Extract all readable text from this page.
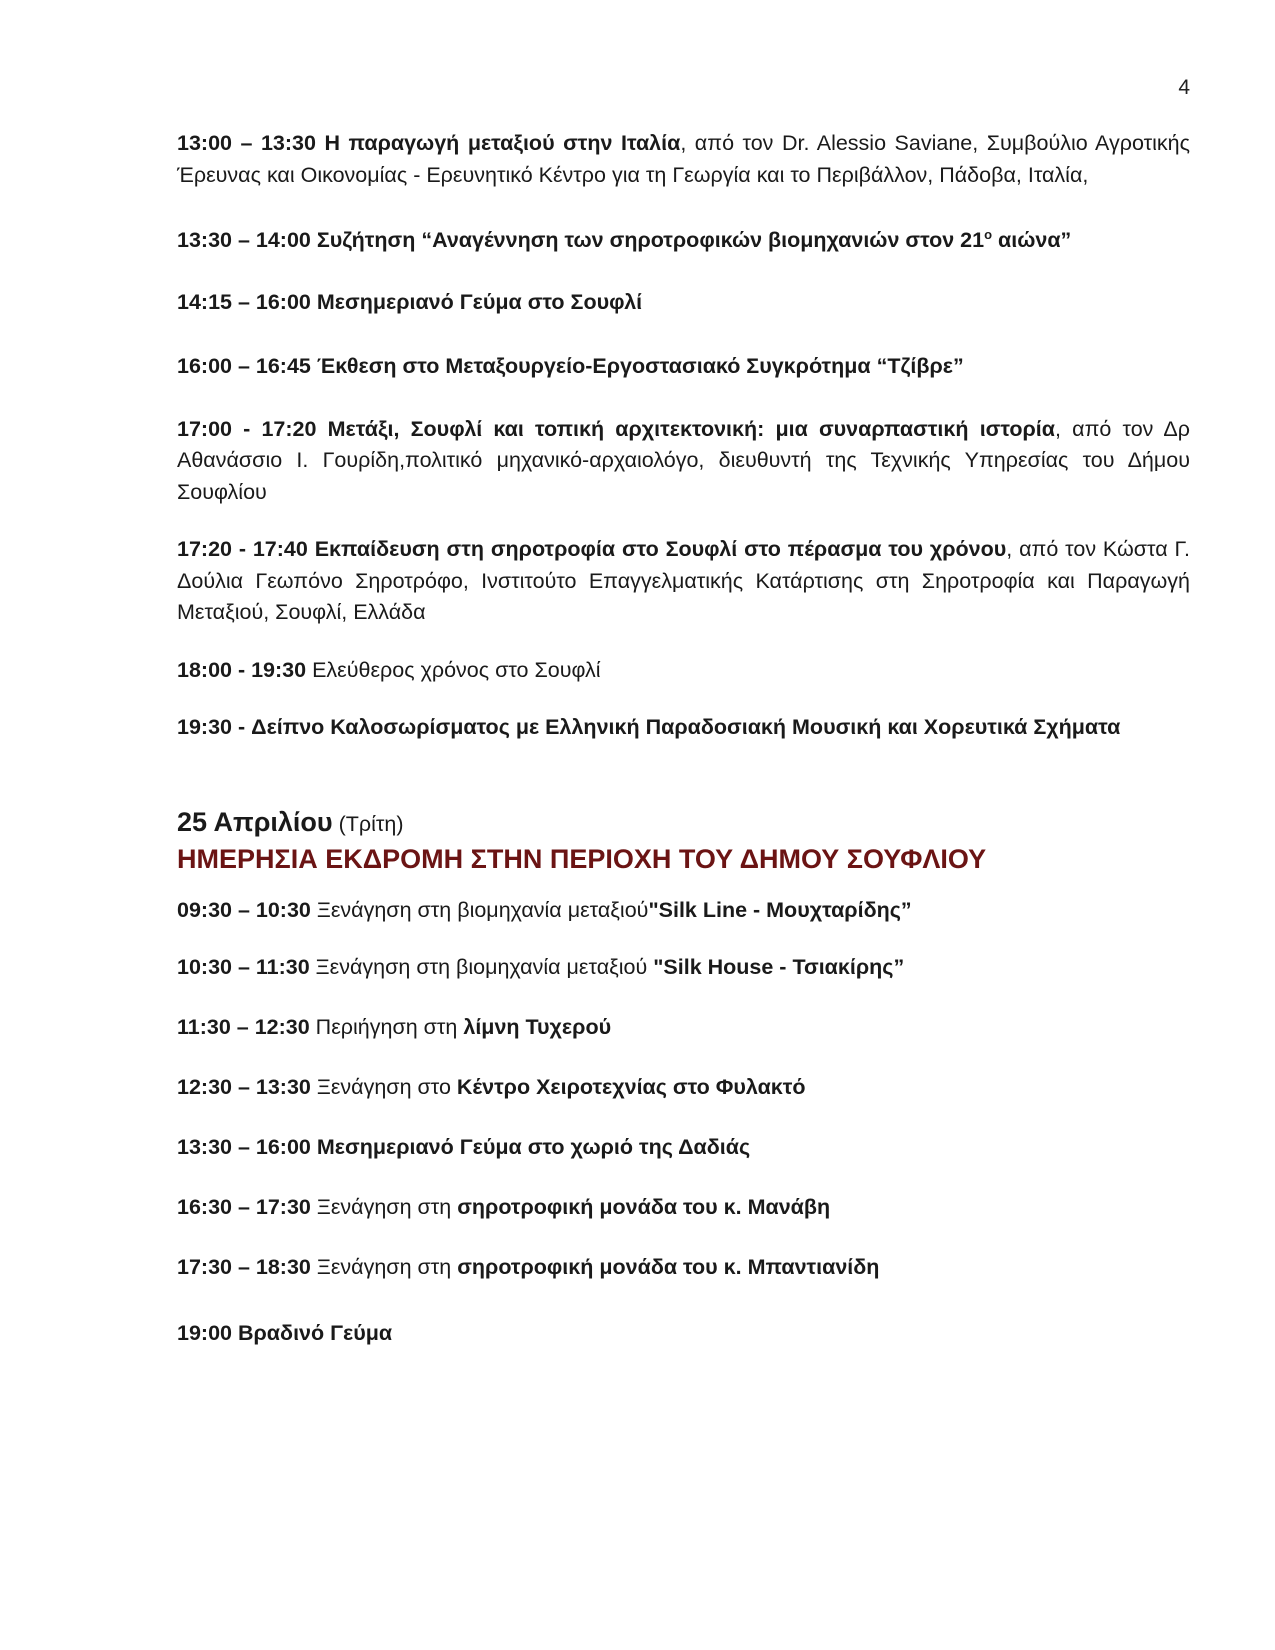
4
13:00 – 13:30 Η παραγωγή μεταξιού στην Ιταλία, από τον Dr. Alessio Saviane, Συμβούλιο Αγροτικής Έρευνας και Οικονομίας - Ερευνητικό Κέντρο για τη Γεωργία και το Περιβάλλον, Πάδοβα, Ιταλία,
13:30 – 14:00 Συζήτηση “Αναγέννηση των σηροτροφικών βιομηχανιών στον $21^o$ αιώνα”
14:15 – 16:00 Μεσημεριανό Γεύμα στο Σουφλί
16:00 – 16:45 Έκθεση στο Μεταξουργείο-Εργοστασιακό Συγκρότημα “Τζίβρε”
17:00 - 17:20 Μετάξι, Σουφλί και τοπική αρχιτεκτονική: μια συναρπαστική ιστορία, από τον Δρ Αθανάσσιο Ι. Γουρίδη,πολιτικό μηχανικό-αρχαιολόγο, διευθυντή της Τεχνικής Υπηρεσίας του Δήμου Σουφλίου
17:20 - 17:40 Εκπαίδευση στη σηροτροφία στο Σουφλί στο πέρασμα του χρόνου, από τον Κώστα Γ. Δούλια Γεωπόνο Σηροτρόφο, Ινστιτούτο Επαγγελματικής Κατάρτισης στη Σηροτροφία και Παραγωγή Μεταξιού, Σουφλί, Ελλάδα
18:00 - 19:30 Ελεύθερος χρόνος στο Σουφλί
19:30 - Δείπνο Καλοσωρίσματος με Ελληνική Παραδοσιακή Μουσική και Χορευτικά Σχήματα
25 Απριλίου (Τρίτη)
ΗΜΕΡΗΣΙΑ ΕΚΔΡΟΜΗ ΣΤΗΝ ΠΕΡΙΟΧΗ ΤΟΥ ΔΗΜΟΥ ΣΟΥΦΛΙΟΥ
09:30 – 10:30 Ξενάγηση στη βιομηχανία μεταξιού"Silk Line - Μουχταρίδης”
10:30 – 11:30 Ξενάγηση στη βιομηχανία μεταξιού "Silk House - Τσιακίρης”
11:30 – 12:30 Περιήγηση στη λίμνη Τυχερού
12:30 – 13:30 Ξενάγηση στο Κέντρο Χειροτεχνίας στο Φυλακτό
13:30 – 16:00 Μεσημεριανό Γεύμα στο χωριό της Δαδιάς
16:30 – 17:30 Ξενάγηση στη σηροτροφική μονάδα του κ. Μανάβη
17:30 – 18:30 Ξενάγηση στη σηροτροφική μονάδα του κ. Μπαντιανίδη
19:00 Βραδινό Γεύμα
